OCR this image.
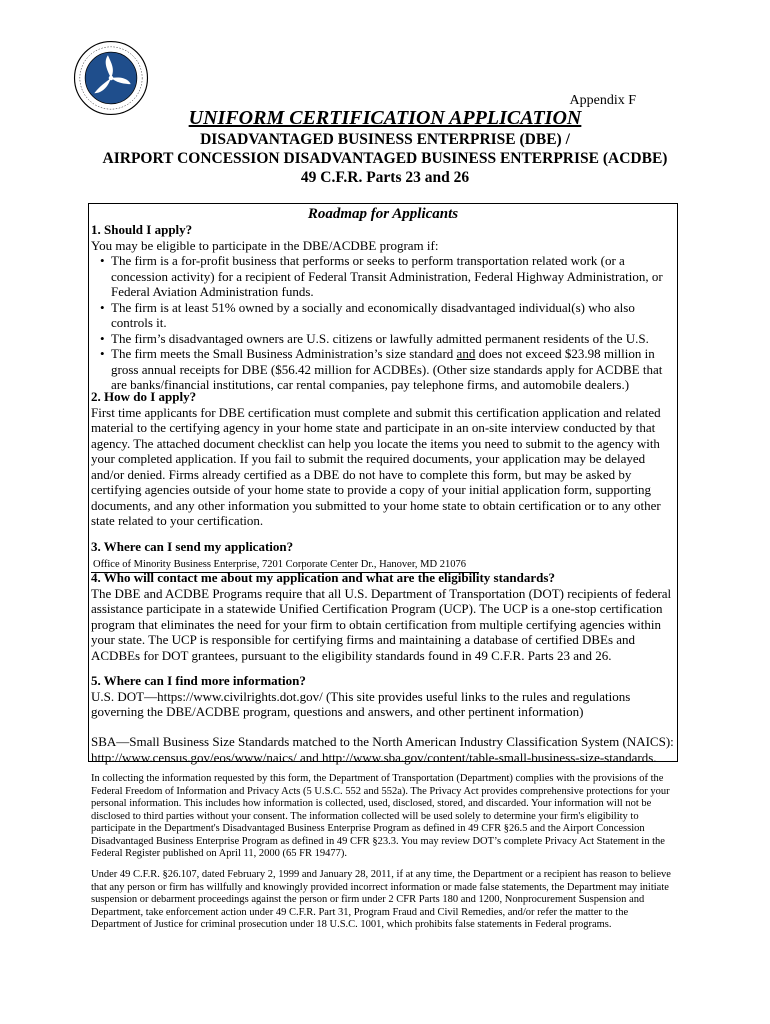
Appendix F
UNIFORM CERTIFICATION APPLICATION
DISADVANTAGED BUSINESS ENTERPRISE (DBE) /
AIRPORT CONCESSION DISADVANTAGED BUSINESS ENTERPRISE (ACDBE)
49 C.F.R. Parts 23 and 26
Roadmap for Applicants

1. Should I apply?

You may be eligible to participate in the DBE/ACDBE program if:

• The firm is a for-profit business that performs or seeks to perform transportation related work (or a concession activity) for a recipient of Federal Transit Administration, Federal Highway Administration, or Federal Aviation Administration funds.
• The firm is at least 51% owned by a socially and economically disadvantaged individual(s) who also controls it.
• The firm’s disadvantaged owners are U.S. citizens or lawfully admitted permanent residents of the U.S.
• The firm meets the Small Business Administration’s size standard and does not exceed $23.98 million in gross annual receipts for DBE ($56.42 million for ACDBEs). (Other size standards apply for ACDBE that are banks/financial institutions, car rental companies, pay telephone firms, and automobile dealers.)

2. How do I apply?

First time applicants for DBE certification must complete and submit this certification application and related material to the certifying agency in your home state and participate in an on-site interview conducted by that agency. The attached document checklist can help you locate the items you need to submit to the agency with your completed application. If you fail to submit the required documents, your application may be delayed and/or denied. Firms already certified as a DBE do not have to complete this form, but may be asked by certifying agencies outside of your home state to provide a copy of your initial application form, supporting documents, and any other information you submitted to your home state to obtain certification or to any other state related to your certification.

3. Where can I send my application? Office of Minority Business Enterprise, 7201 Corporate Center Dr., Hanover, MD 21076

4. Who will contact me about my application and what are the eligibility standards?

The DBE and ACDBE Programs require that all U.S. Department of Transportation (DOT) recipients of federal assistance participate in a statewide Unified Certification Program (UCP). The UCP is a one-stop certification program that eliminates the need for your firm to obtain certification from multiple certifying agencies within your state. The UCP is responsible for certifying firms and maintaining a database of certified DBEs and ACDBEs for DOT grantees, pursuant to the eligibility standards found in 49 C.F.R. Parts 23 and 26.

5. Where can I find more information?

U.S. DOT—https://www.civilrights.dot.gov/ (This site provides useful links to the rules and regulations governing the DBE/ACDBE program, questions and answers, and other pertinent information)

SBA—Small Business Size Standards matched to the North American Industry Classification System (NAICS): http://www.census.gov/eos/www/naics/ and http://www.sba.gov/content/table-small-business-size-standards.

In collecting the information requested by this form, the Department of Transportation (Department) complies with the provisions of the Federal Freedom of Information and Privacy Acts (5 U.S.C. 552 and 552a). The Privacy Act provides comprehensive protections for your personal information. This includes how information is collected, used, disclosed, stored, and discarded. Your information will not be disclosed to third parties without your consent. The information collected will be used solely to determine your firm's eligibility to participate in the Department's Disadvantaged Business Enterprise Program as defined in 49 CFR §26.5 and the Airport Concession Disadvantaged Business Enterprise Program as defined in 49 CFR §23.3. You may review DOT’s complete Privacy Act Statement in the Federal Register published on April 11, 2000 (65 FR 19477).
Under 49 C.F.R. §26.107, dated February 2, 1999 and January 28, 2011, if at any time, the Department or a recipient has reason to believe that any person or firm has willfully and knowingly provided incorrect information or made false statements, the Department may initiate suspension or debarment proceedings against the person or firm under 2 CFR Parts 180 and 1200, Nonprocurement Suspension and Department, take enforcement action under 49 C.F.R. Part 31, Program Fraud and Civil Remedies, and/or refer the matter to the Department of Justice for criminal prosecution under 18 U.S.C. 1001, which prohibits false statements in Federal programs.
